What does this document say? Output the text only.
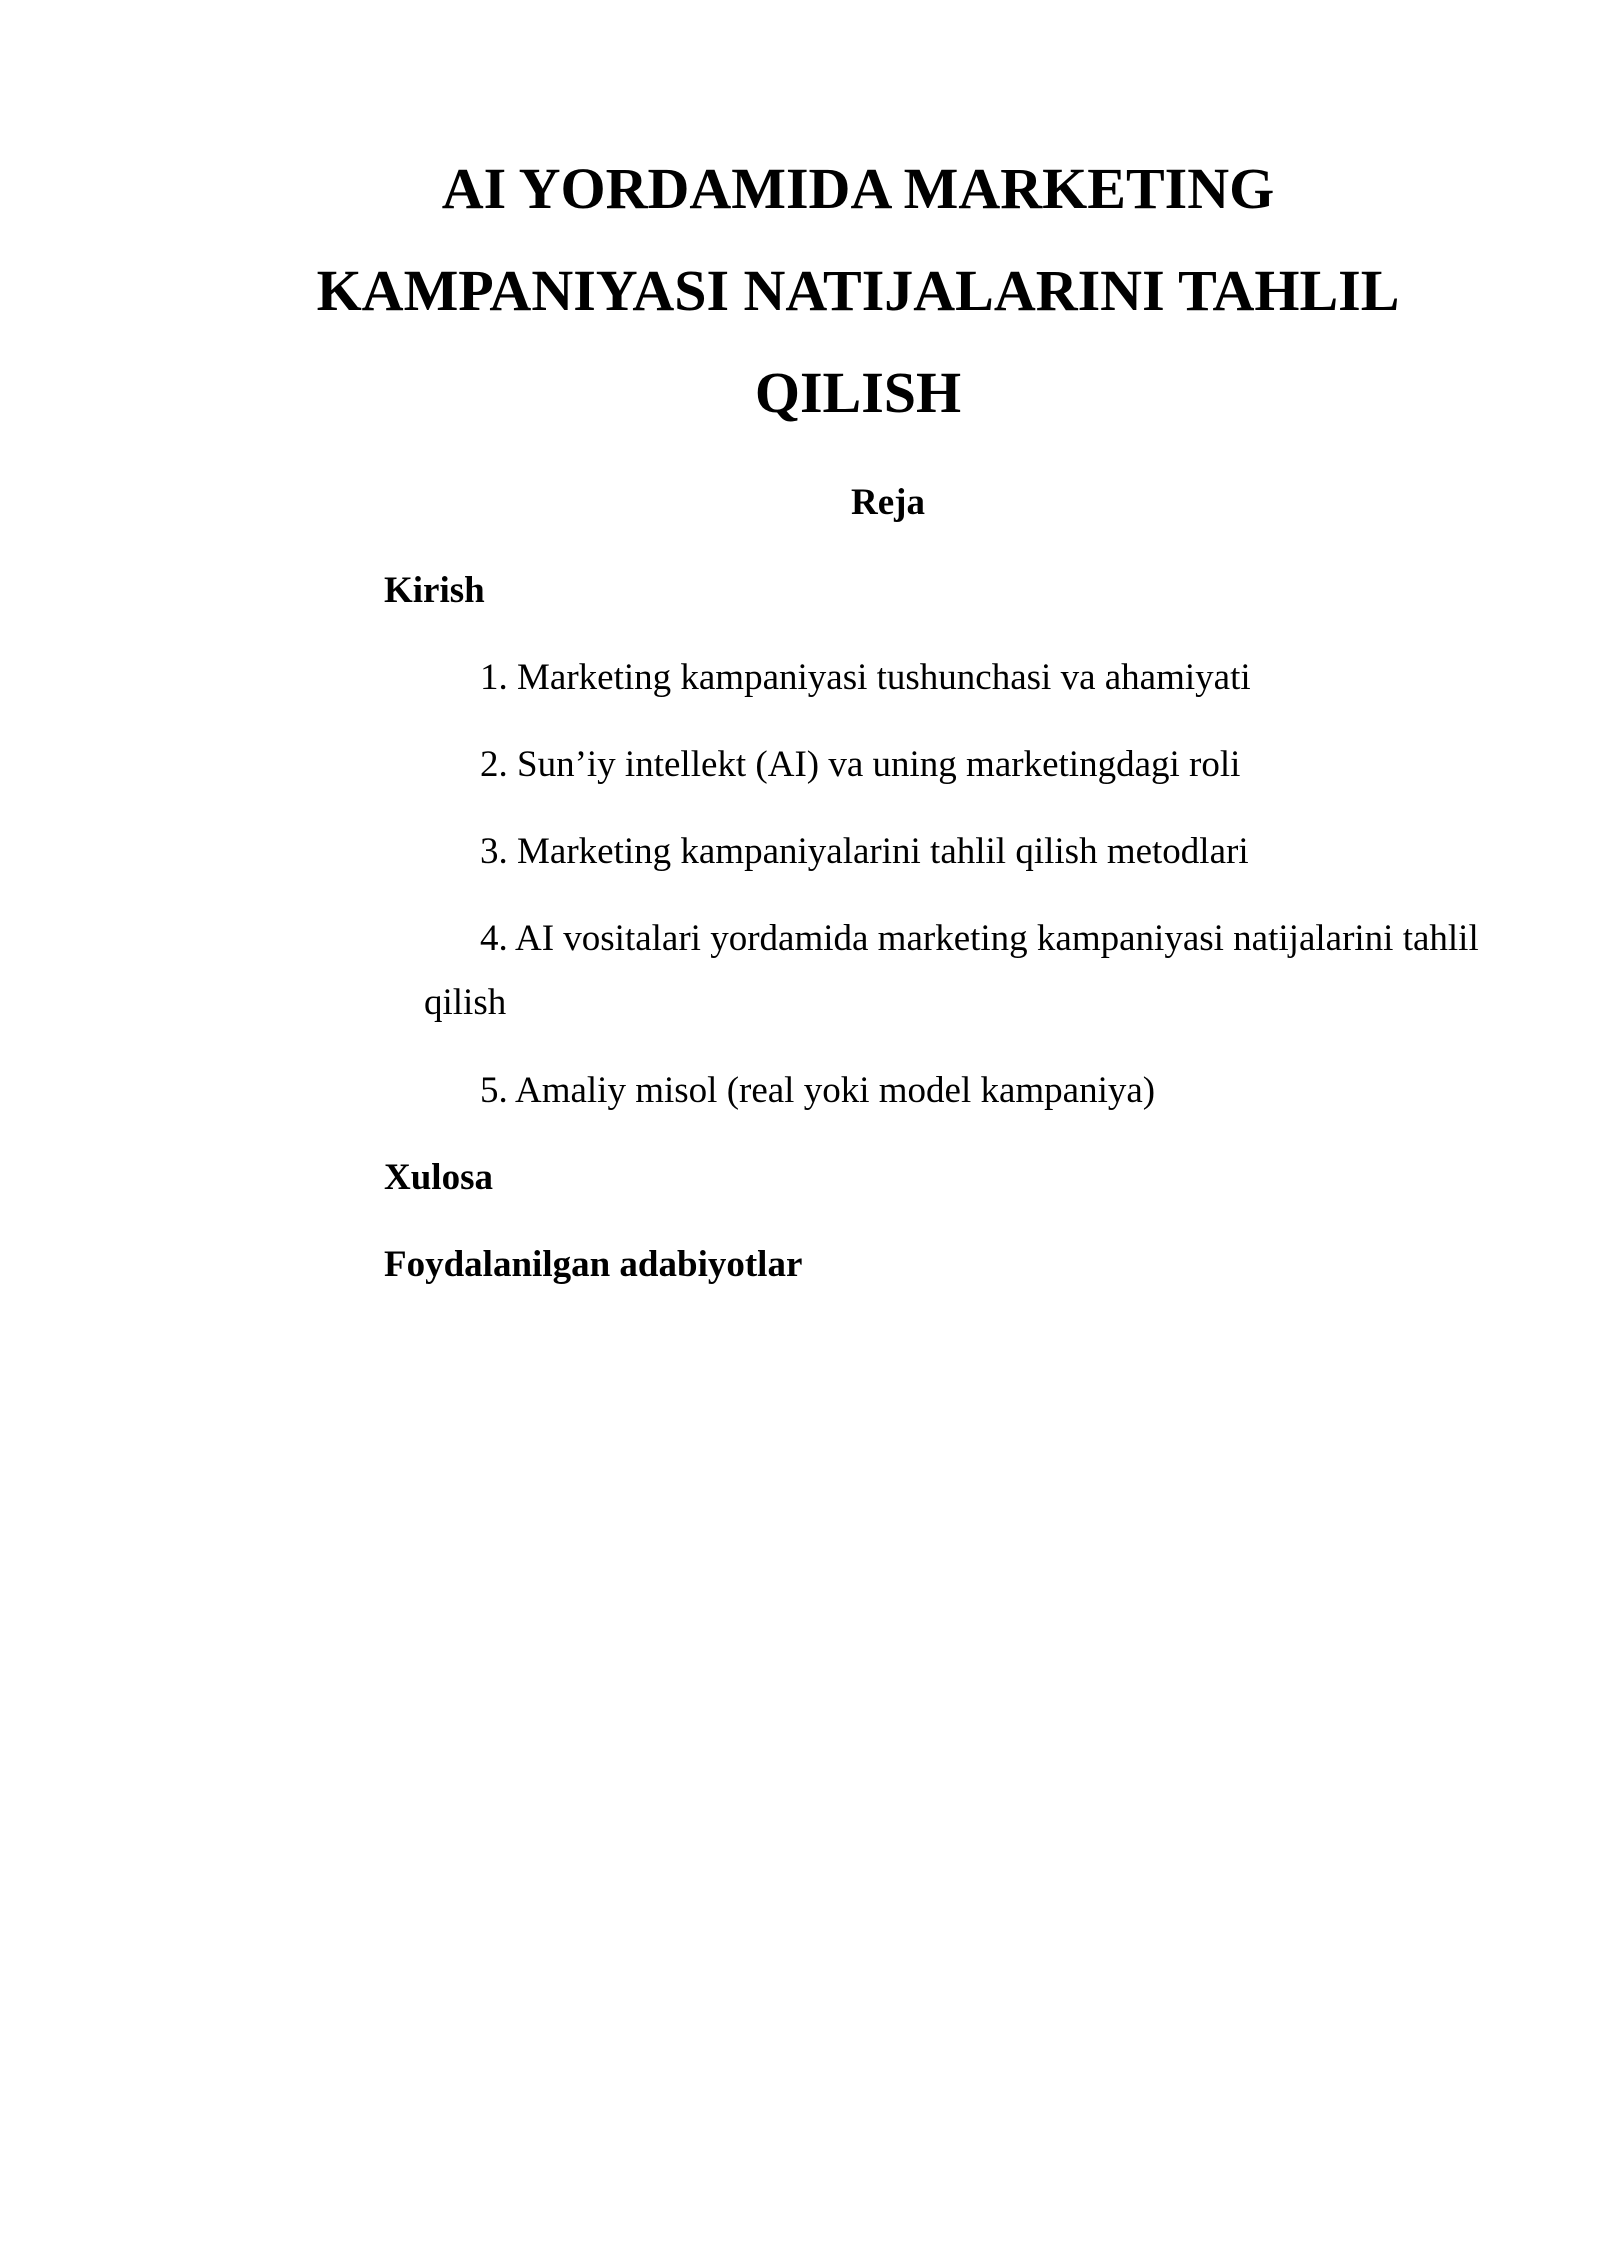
AI YORDAMIDA MARKETING
KAMPANIYASI NATIJALARINI TAHLIL
QILISH
Reja
Kirish
1. Marketing kampaniyasi tushunchasi va ahamiyati
2. Sun’iy intellekt (AI) va uning marketingdagi roli
3. Marketing kampaniyalarini tahlil qilish metodlari
4. AI vositalari yordamida marketing kampaniyasi natijalarini tahlil
qilish
5. Amaliy misol (real yoki model kampaniya)
Xulosa
Foydalanilgan adabiyotlar
